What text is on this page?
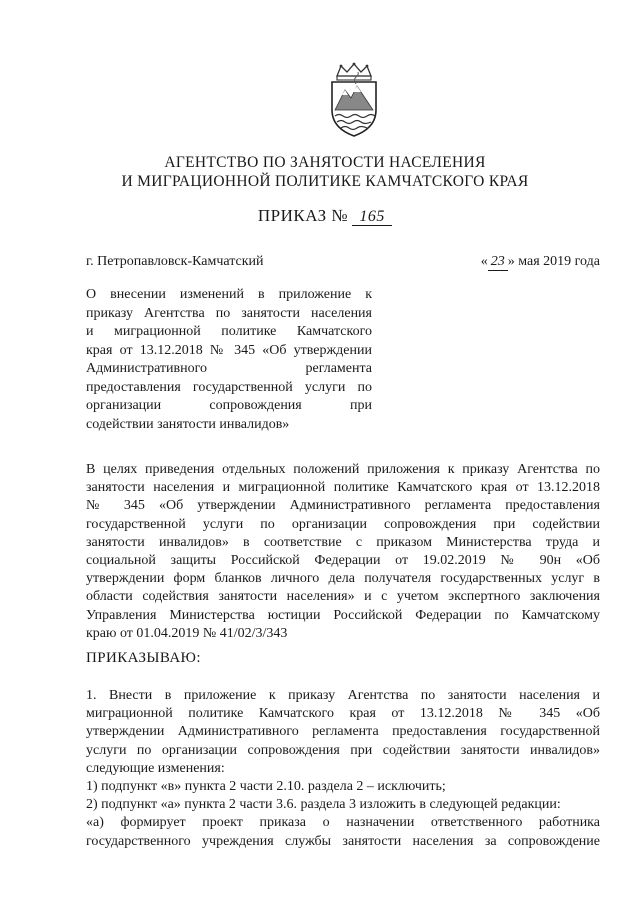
АГЕНТСТВО ПО ЗАНЯТОСТИ НАСЕЛЕНИЯ
И МИГРАЦИОННОЙ ПОЛИТИКЕ КАМЧАТСКОГО КРАЯ
ПРИКАЗ № 165
г. Петропавловск-Камчатский	« 23 » мая 2019 года
О внесении изменений в приложение к
приказу Агентства по занятости населения
и миграционной политике Камчатского
края от 13.12.2018 № 345 «Об утверждении
Административного регламента
предоставления государственной услуги по
организации сопровождения при
содействии занятости инвалидов»
В целях приведения отдельных положений приложения к приказу Агентства по
занятости населения и миграционной политике Камчатского края от 13.12.2018
№ 345 «Об утверждении Административного регламента предоставления
государственной услуги по организации сопровождения при содействии
занятости инвалидов» в соответствие с приказом Министерства труда и
социальной защиты Российской Федерации от 19.02.2019 № 90н «Об
утверждении форм бланков личного дела получателя государственных услуг в
области содействия занятости населения» и с учетом экспертного заключения
Управления Министерства юстиции Российской Федерации по Камчатскому
краю от 01.04.2019 № 41/02/3/343
ПРИКАЗЫВАЮ:
1. Внести в приложение к приказу Агентства по занятости населения и
миграционной политике Камчатского края от 13.12.2018 № 345 «Об
утверждении Административного регламента предоставления государственной
услуги по организации сопровождения при содействии занятости инвалидов»
следующие изменения:
1) подпункт «в» пункта 2 части 2.10. раздела 2 – исключить;
2) подпункт «а» пункта 2 части 3.6. раздела 3 изложить в следующей редакции:
«а) формирует проект приказа о назначении ответственного работника
государственного учреждения службы занятости населения за сопровождение
